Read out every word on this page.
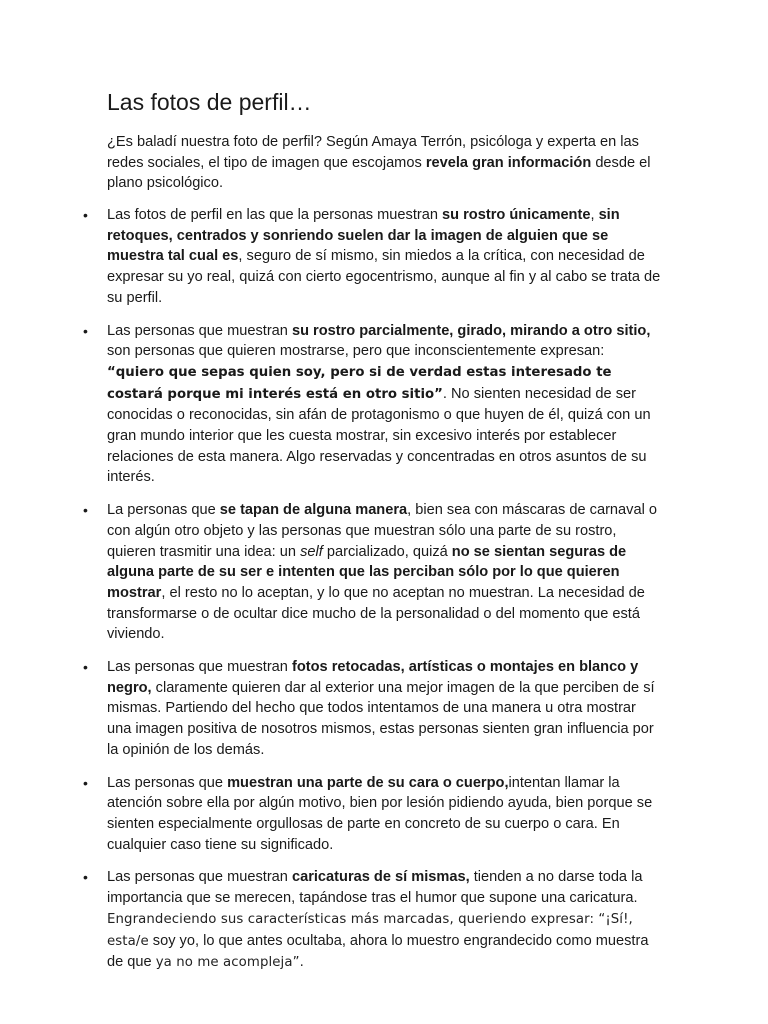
Las fotos de perfil…

¿Es baladí nuestra foto de perfil? Según Amaya Terrón, psicóloga y experta en las redes sociales, el tipo de imagen que escojamos revela gran información desde el plano psicológico.

• Las fotos de perfil en las que la personas muestran su rostro únicamente, sin retoques, centrados y sonriendo suelen dar la imagen de alguien que se muestra tal cual es, seguro de sí mismo, sin miedos a la crítica, con necesidad de expresar su yo real, quizá con cierto egocentrismo, aunque al fin y al cabo se trata de su perfil.
• Las personas que muestran su rostro parcialmente, girado, mirando a otro sitio, son personas que quieren mostrarse, pero que inconscientemente expresan: “quiero que sepas quien soy, pero si de verdad estas interesado te costará porque mi interés está en otro sitio”. No sienten necesidad de ser conocidas o reconocidas, sin afán de protagonismo o que huyen de él, quizá con un gran mundo interior que les cuesta mostrar, sin excesivo interés por establecer relaciones de esta manera. Algo reservadas y concentradas en otros asuntos de su interés.
• La personas que se tapan de alguna manera, bien sea con máscaras de carnaval o con algún otro objeto y las personas que muestran sólo una parte de su rostro, quieren trasmitir una idea: un self parcializado, quizá no se sientan seguras de alguna parte de su ser e intenten que las perciban sólo por lo que quieren mostrar, el resto no lo aceptan, y lo que no aceptan no muestran. La necesidad de transformarse o de ocultar dice mucho de la personalidad o del momento que está viviendo.
• Las personas que muestran fotos retocadas, artísticas o montajes en blanco y negro, claramente quieren dar al exterior una mejor imagen de la que perciben de sí mismas. Partiendo del hecho que todos intentamos de una manera u otra mostrar una imagen positiva de nosotros mismos, estas personas sienten gran influencia por la opinión de los demás.
• Las personas que muestran una parte de su cara o cuerpo,intentan llamar la atención sobre ella por algún motivo, bien por lesión pidiendo ayuda, bien porque se sienten especialmente orgullosas de parte en concreto de su cuerpo o cara. En cualquier caso tiene su significado.
• Las personas que muestran caricaturas de sí mismas, tienden a no darse toda la importancia que se merecen, tapándose tras el humor que supone una caricatura. Engrandeciendo sus características más marcadas, queriendo expresar: “¡Sí!, esta/e soy yo, lo que antes ocultaba, ahora lo muestro engrandecido como muestra de que ya no me acompleja”.
